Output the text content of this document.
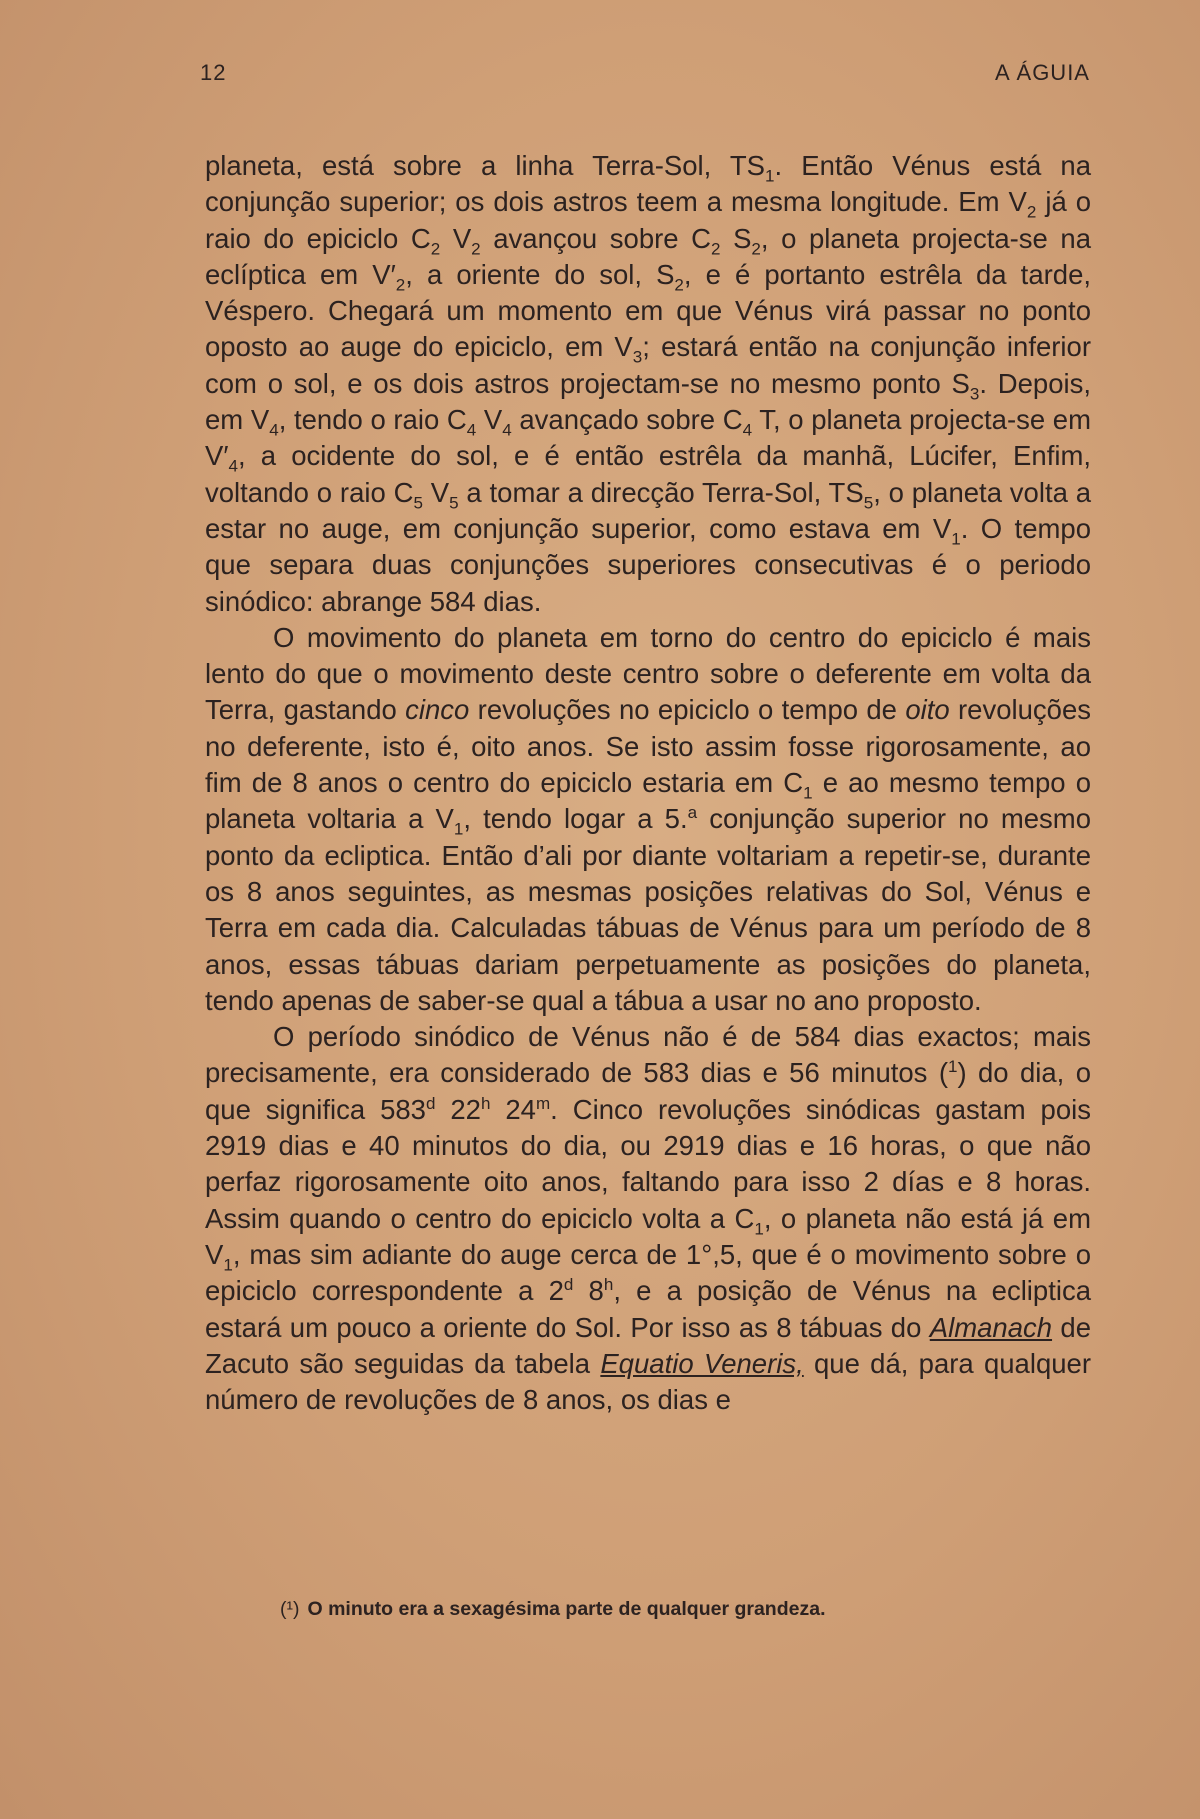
12	A ÁGUIA

planeta, está sobre a linha Terra-Sol, $TS_1$. Então Vénus está na conjunção superior; os dois astros teem a mesma longitude. Em $V_2$ já o raio do epiciclo $C_2$ $V_2$ avançou sobre $C_2$ $S_2$, o planeta projecta-se na eclíptica em $V'_2$, a oriente do sol, $S_2$, e é portanto estrêla da tarde, Véspero. Chegará um momento em que Vénus virá passar no ponto oposto ao auge do epiciclo, em $V_3$; estará então na conjunção inferior com o sol, e os dois astros projectam-se no mesmo ponto $S_3$. Depois, em $V_4$, tendo o raio $C_4$ $V_4$ avançado sobre $C_4$ T, o planeta projecta-se em $V'_4$, a ocidente do sol, e é então estrêla da manhã, Lúcifer, Enfim, voltando o raio $C_5$ $V_5$ a tomar a direcção Terra-Sol, $TS_5$, o planeta volta a estar no auge, em conjunção superior, como estava em $V_1$. O tempo que separa duas conjunções superiores consecutivas é o periodo sinódico: abrange 584 dias.

O movimento do planeta em torno do centro do epiciclo é mais lento do que o movimento deste centro sobre o deferente em volta da Terra, gastando cinco revoluções no epiciclo o tempo de oito revoluções no deferente, isto é, oito anos. Se isto assim fosse rigorosamente, ao fim de 8 anos o centro do epiciclo estaria em $C_1$ e ao mesmo tempo o planeta voltaria a $V_1$, tendo logar a 5.$^a$ conjunção superior no mesmo ponto da ecliptica. Então d’ali por diante voltariam a repetir-se, durante os 8 anos seguintes, as mesmas posições relativas do Sol, Vénus e Terra em cada dia. Calculadas tábuas de Vénus para um período de 8 anos, essas tábuas dariam perpetuamente as posições do planeta, tendo apenas de saber-se qual a tábua a usar no ano proposto.

O período sinódico de Vénus não é de 584 dias exactos; mais precisamente, era considerado de 583 dias e 56 minutos ($^1$) do dia, o que significa 583$^d$ 22$^h$ 24$^m$. Cinco revoluções sinódicas gastam pois 2919 dias e 40 minutos do dia, ou 2919 dias e 16 horas, o que não perfaz rigorosamente oito anos, faltando para isso 2 días e 8 horas. Assim quando o centro do epiciclo volta a $C_1$, o planeta não está já em $V_1$, mas sim adiante do auge cerca de 1°,5, que é o movimento sobre o epiciclo correspondente a 2$^d$ 8$^h$, e a posição de Vénus na ecliptica estará um pouco a oriente do Sol. Por isso as 8 tábuas do Almanach de Zacuto são seguidas da tabela Equatio Veneris, que dá, para qualquer número de revoluções de 8 anos, os dias e

(¹) O minuto era a sexagésima parte de qualquer grandeza.
